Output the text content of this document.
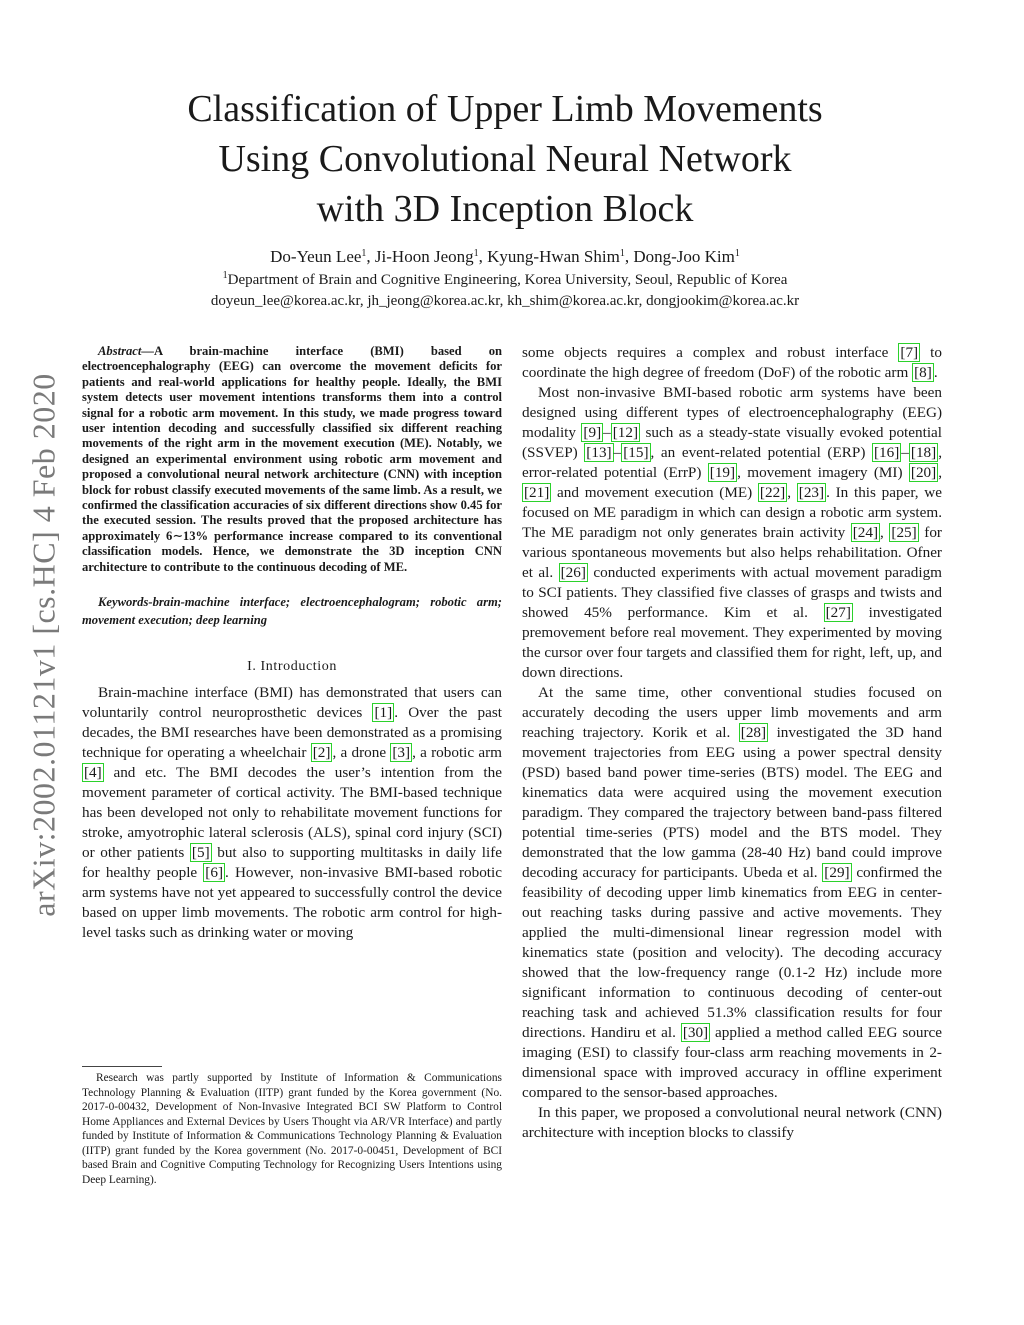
arXiv:2002.01121v1 [cs.HC] 4 Feb 2020
Classification of Upper Limb Movements
Using Convolutional Neural Network
with 3D Inception Block
Do-Yeun Lee$^1$, Ji-Hoon Jeong$^1$, Kyung-Hwan Shim$^1$, Dong-Joo Kim$^1$
$^1$Department of Brain and Cognitive Engineering, Korea University, Seoul, Republic of Korea
doyeun_lee@korea.ac.kr, jh_jeong@korea.ac.kr, kh_shim@korea.ac.kr, dongjookim@korea.ac.kr

Abstract—A brain-machine interface (BMI) based on electroencephalography (EEG) can overcome the movement deficits for patients and real-world applications for healthy people. Ideally, the BMI system detects user movement intentions transforms them into a control signal for a robotic arm movement. In this study, we made progress toward user intention decoding and successfully classified six different reaching movements of the right arm in the movement execution (ME). Notably, we designed an experimental environment using robotic arm movement and proposed a convolutional neural network architecture (CNN) with inception block for robust classify executed movements of the same limb. As a result, we confirmed the classification accuracies of six different directions show 0.45 for the executed session. The results proved that the proposed architecture has approximately 6∼13% performance increase compared to its conventional classification models. Hence, we demonstrate the 3D inception CNN architecture to contribute to the continuous decoding of ME.

Keywords-brain-machine interface; electroencephalogram; robotic arm; movement execution; deep learning

I. Introduction

Brain-machine interface (BMI) has demonstrated that users can voluntarily control neuroprosthetic devices [1] . Over the past decades, the BMI researches have been demonstrated as a promising technique for operating a wheelchair [2] , a drone [3] , a robotic arm [4] and etc. The BMI decodes the user’s intention from the movement parameter of cortical activity. The BMI-based technique has been developed not only to rehabilitate movement functions for stroke, amyotrophic lateral sclerosis (ALS), spinal cord injury (SCI) or other patients [5] but also to supporting multitasks in daily life for healthy people [6] . However, non-invasive BMI-based robotic arm systems have not yet appeared to successfully control the device based on upper limb movements. The robotic arm control for high-level tasks such as drinking water or moving

some objects requires a complex and robust interface [7] to coordinate the high degree of freedom (DoF) of the robotic arm [8] .

Most non-invasive BMI-based robotic arm systems have been designed using different types of electroencephalography (EEG) modality [9] – [12] such as a steady-state visually evoked potential (SSVEP) [13] – [15] , an event-related potential (ERP) [16] – [18] , error-related potential (ErrP) [19] , movement imagery (MI) [20] , [21] and movement execution (ME) [22] , [23] . In this paper, we focused on ME paradigm in which can design a robotic arm system. The ME paradigm not only generates brain activity [24] , [25] for various spontaneous movements but also helps rehabilitation. Ofner et al. [26] conducted experiments with actual movement paradigm to SCI patients. They classified five classes of grasps and twists and showed 45% performance. Kim et al. [27] investigated premovement before real movement. They experimented by moving the cursor over four targets and classified them for right, left, up, and down directions.

At the same time, other conventional studies focused on accurately decoding the users upper limb movements and arm reaching trajectory. Korik et al. [28] investigated the 3D hand movement trajectories from EEG using a power spectral density (PSD) based band power time-series (BTS) model. The EEG and kinematics data were acquired using the movement execution paradigm. They compared the trajectory between band-pass filtered potential time-series (PTS) model and the BTS model. They demonstrated that the low gamma (28-40 Hz) band could improve decoding accuracy for participants. Ubeda et al. [29] confirmed the feasibility of decoding upper limb kinematics from EEG in center-out reaching tasks during passive and active movements. They applied the multi-dimensional linear regression model with kinematics state (position and velocity). The decoding accuracy showed that the low-frequency range (0.1-2 Hz) include more significant information to continuous decoding of center-out reaching task and achieved 51.3% classification results for four directions. Handiru et al. [30] applied a method called EEG source imaging (ESI) to classify four-class arm reaching movements in 2-dimensional space with improved accuracy in offline experiment compared to the sensor-based approaches.

In this paper, we proposed a convolutional neural network (CNN) architecture with inception blocks to classify

Research was partly supported by Institute of Information & Communications Technology Planning & Evaluation (IITP) grant funded by the Korea government (No. 2017-0-00432, Development of Non-Invasive Integrated BCI SW Platform to Control Home Appliances and External Devices by Users Thought via AR/VR Interface) and partly funded by Institute of Information & Communications Technology Planning & Evaluation (IITP) grant funded by the Korea government (No. 2017-0-00451, Development of BCI based Brain and Cognitive Computing Technology for Recognizing Users Intentions using Deep Learning).
